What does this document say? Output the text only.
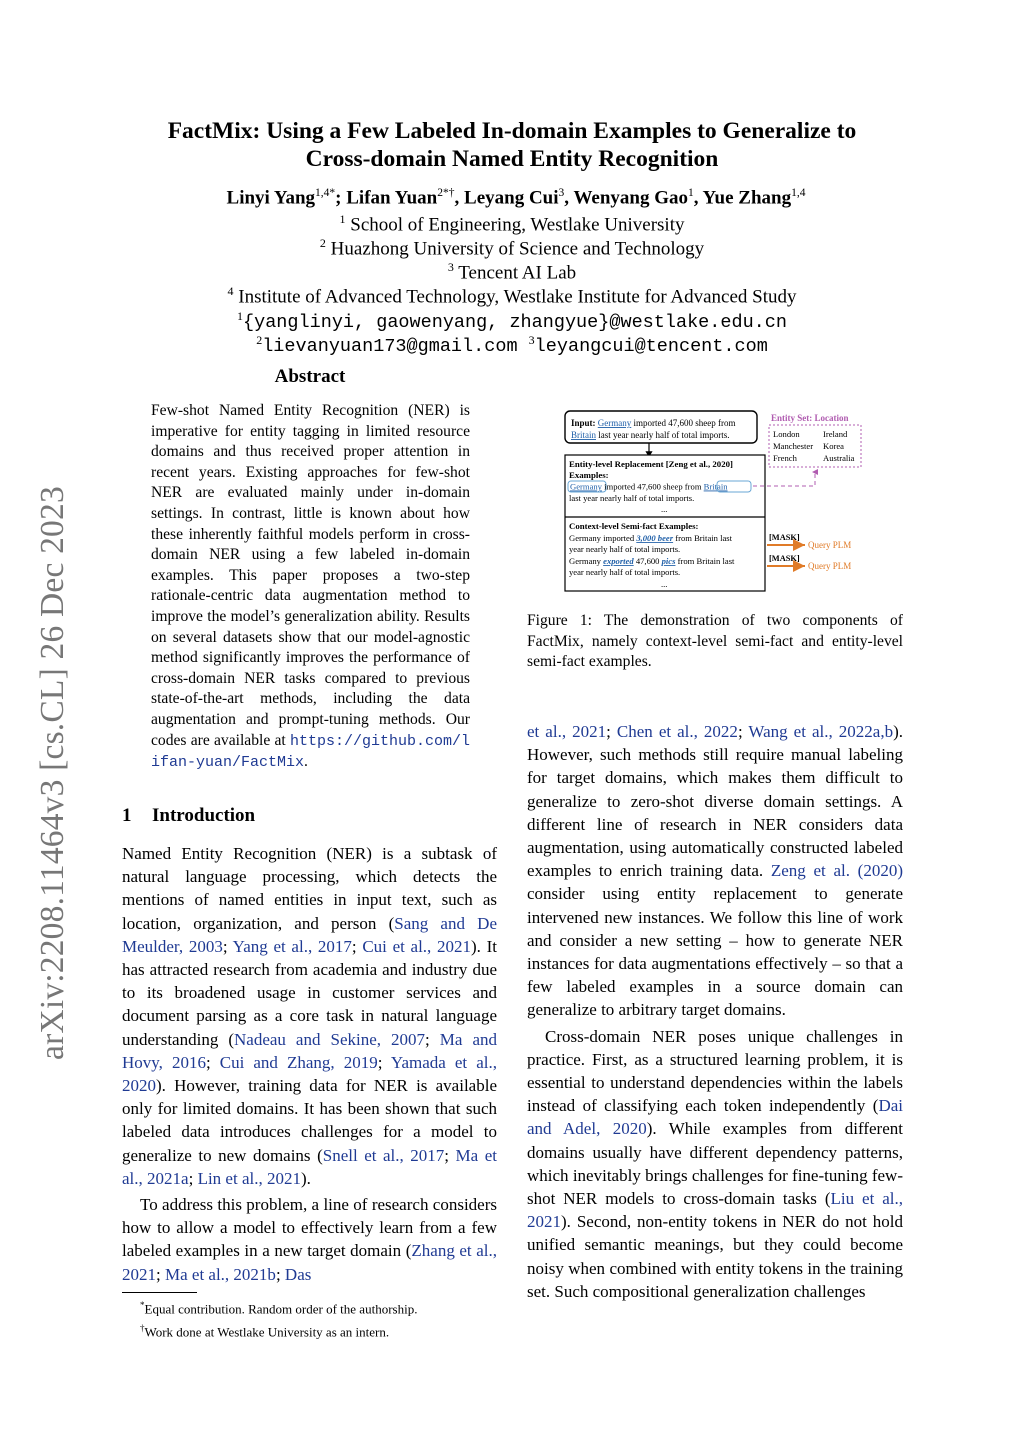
arXiv:2208.11464v3 [cs.CL] 26 Dec 2023
FactMix: Using a Few Labeled In-domain Examples to Generalize to
Cross-domain Named Entity Recognition
Linyi Yang$^{1,4*}$; Lifan Yuan$^{2*\dagger}$, Leyang Cui$^3$, Wenyang Gao$^1$, Yue Zhang$^{1,4}$
$^1$ School of Engineering, Westlake University
$^2$ Huazhong University of Science and Technology
$^3$ Tencent AI Lab
$^4$ Institute of Advanced Technology, Westlake Institute for Advanced Study
$^1${yanglinyi, gaowenyang, zhangyue}@westlake.edu.cn
$^2$lievanyuan173@gmail.com $^3$leyangcui@tencent.com
Abstract
Few-shot Named Entity Recognition (NER) is imperative for entity tagging in limited resource domains and thus received proper attention in recent years. Existing approaches for few-shot NER are evaluated mainly under in-domain settings. In contrast, little is known about how these inherently faithful models perform in cross-domain NER using a few labeled in-domain examples. This paper proposes a two-step rationale-centric data augmentation method to improve the model’s generalization ability. Results on several datasets show that our model-agnostic method significantly improves the performance of cross-domain NER tasks compared to previous state-of-the-art methods, including the data augmentation and prompt-tuning methods. Our codes are available at https://github.com/lifan-yuan/FactMix.
1 Introduction

Named Entity Recognition (NER) is a subtask of natural language processing, which detects the mentions of named entities in input text, such as location, organization, and person (Sang and De Meulder, 2003; Yang et al., 2017; Cui et al., 2021). It has attracted research from academia and industry due to its broadened usage in customer services and document parsing as a core task in natural language understanding (Nadeau and Sekine, 2007; Ma and Hovy, 2016; Cui and Zhang, 2019; Yamada et al., 2020). However, training data for NER is available only for limited domains. It has been shown that such labeled data introduces challenges for a model to generalize to new domains (Snell et al., 2017; Ma et al., 2021a; Lin et al., 2021).

To address this problem, a line of research considers how to allow a model to effectively learn from a few labeled examples in a new target domain (Zhang et al., 2021; Ma et al., 2021b; Das

*Equal contribution. Random order of the authorship.
†Work done at Westlake University as an intern.

et al., 2021; Chen et al., 2022; Wang et al., 2022a,b). However, such methods still require manual labeling for target domains, which makes them difficult to generalize to zero-shot diverse domain settings. A different line of research in NER considers data augmentation, using automatically constructed labeled examples to enrich training data. Zeng et al. (2020) consider using entity replacement to generate intervened new instances. We follow this line of work and consider a new setting – how to generate NER instances for data augmentations effectively – so that a few labeled examples in a source domain can generalize to arbitrary target domains.

Cross-domain NER poses unique challenges in practice. First, as a structured learning problem, it is essential to understand dependencies within the labels instead of classifying each token independently (Dai and Adel, 2020). While examples from different domains usually have different dependency patterns, which inevitably brings challenges for fine-tuning few-shot NER models to cross-domain tasks (Liu et al., 2021). Second, non-entity tokens in NER do not hold unified semantic meanings, but they could become noisy when combined with entity tokens in the training set. Such compositional generalization challenges

Input: Germany imported 47,600 sheep from
Britain last year nearly half of total imports.
Entity Set: Location
London	Ireland
Manchester Korea
French	Australia
Entity-level Replacement [Zeng et al., 2020]
Examples:
Germany imported 47,600 sheep from Britain
last year nearly half of total imports.
...
Context-level Semi-fact Examples:
Germany imported 3,000 beer from Britain last
year nearly half of total imports.
Germany exported 47,600 pics from Britain last
year nearly half of total imports.
...
[MASK]
Query PLM
[MASK]
Query PLM
Figure 1: The demonstration of two components of FactMix, namely context-level semi-fact and entity-level semi-fact examples.
